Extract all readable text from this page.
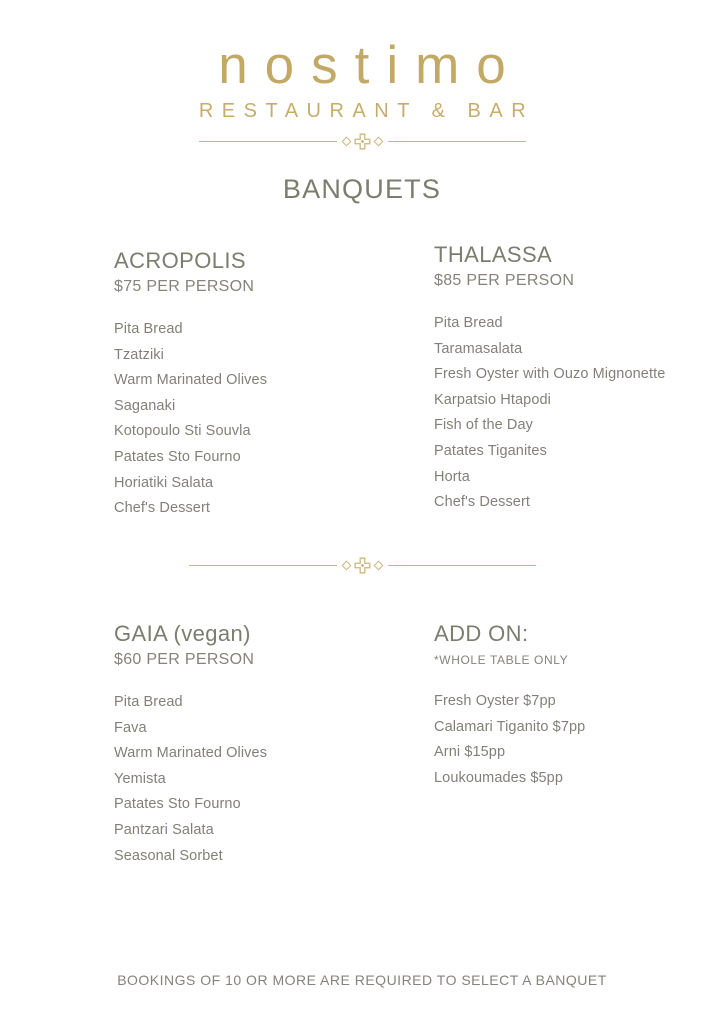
nostimo
RESTAURANT & BAR
BANQUETS
ACROPOLIS
$75 PER PERSON
Pita Bread
Tzatziki
Warm Marinated Olives
Saganaki
Kotopoulo Sti Souvla
Patates Sto Fourno
Horiatiki Salata
Chef's Dessert
THALASSA
$85 PER PERSON
Pita Bread
Taramasalata
Fresh Oyster with Ouzo Mignonette
Karpatsio Htapodi
Fish of the Day
Patates Tiganites
Horta
Chef's Dessert
GAIA (vegan)
$60 PER PERSON
Pita Bread
Fava
Warm Marinated Olives
Yemista
Patates Sto Fourno
Pantzari Salata
Seasonal Sorbet
ADD ON:
*WHOLE TABLE ONLY
Fresh Oyster $7pp
Calamari Tiganito $7pp
Arni $15pp
Loukoumades $5pp
BOOKINGS OF 10 OR MORE ARE REQUIRED TO SELECT A BANQUET
